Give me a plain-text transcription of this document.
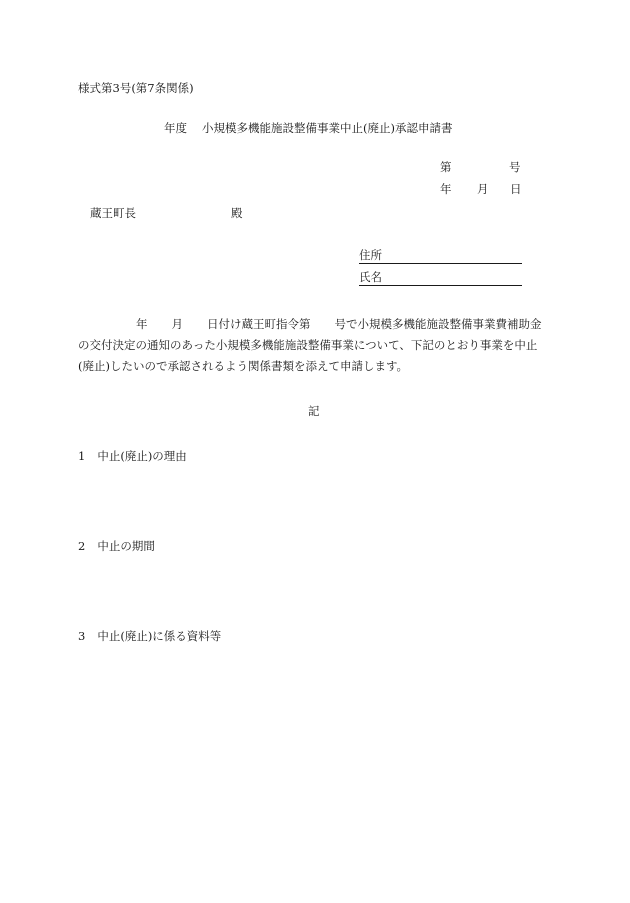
様式第3号(第7条関係)
年度 小規模多機能施設整備事業中止(廃止)承認申請書
第	号
年 月 日
蔵王町長	殿
住所
氏名

年 月 日付け蔵王町指令第 号で小規模多機能施設整備事業費補助金

の交付決定の通知のあった小規模多機能施設整備事業について、下記のとおり事業を中止

(廃止)したいので承認されるよう関係書類を添えて申請します。

記
1 中止(廃止)の理由
2 中止の期間
3 中止(廃止)に係る資料等
